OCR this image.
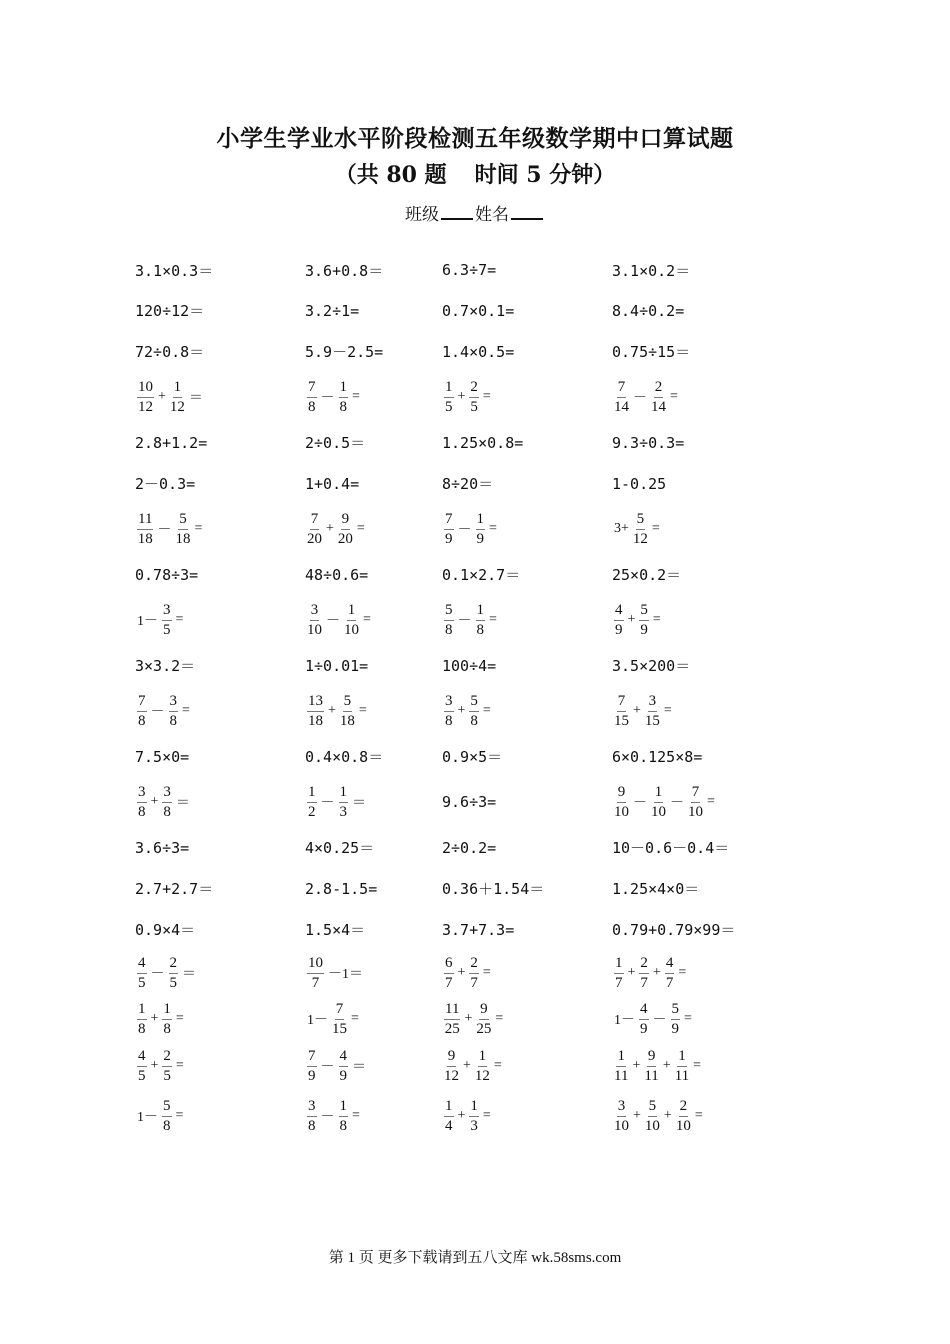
小学生学业水平阶段检测五年级数学期中口算试题
（共 80 题 时间 5 分钟）
班级 姓名
3.1×0.3＝	3.6+0.8＝	6.3÷7=	3.1×0.2＝
120÷12＝	3.2÷1=	0.7×0.1=	8.4÷0.2=
72÷0.8＝	5.9－2.5=	1.4×0.5=	0.75÷15＝
$\frac{10}{12} + \frac{1}{12}$ ＝	$\frac{7}{8} - \frac{1}{8}$ =	$\frac{1}{5} + \frac{2}{5}$ =	$\frac{7}{14} - \frac{2}{14}$ =
2.8+1.2=	2÷0.5＝	1.25×0.8=	9.3÷0.3=
2－0.3=	1+0.4=	8÷20＝	1-0.25
$\frac{11}{18} - \frac{5}{18}$ =	$\frac{7}{20} + \frac{9}{20}$ =	$\frac{7}{9} - \frac{1}{9}$ =	$3+ \frac{5}{12}$ =
0.78÷3=	48÷0.6=	0.1×2.7＝	25×0.2＝
$1- \frac{3}{5}$ =	$\frac{3}{10} - \frac{1}{10}$ =	$\frac{5}{8} - \frac{1}{8}$ =	$\frac{4}{9} + \frac{5}{9}$ =
3×3.2＝	1÷0.01=	100÷4=	3.5×200＝
$\frac{7}{8} - \frac{3}{8}$ =	$\frac{13}{18} + \frac{5}{18}$ =	$\frac{3}{8} + \frac{5}{8}$ =	$\frac{7}{15} + \frac{3}{15}$ =
7.5×0=	0.4×0.8＝	0.9×5＝	6×0.125×8=
$\frac{3}{8} + \frac{3}{8}$ ＝	$\frac{1}{2} - \frac{1}{3}$ ＝	9.6÷3=	$\frac{9}{10} - \frac{1}{10} - \frac{7}{10}$ =
3.6÷3=	4×0.25＝	2÷0.2=	10－0.6－0.4＝
2.7+2.7＝	2.8-1.5=	0.36＋1.54＝	1.25×4×0＝
0.9×4＝	1.5×4＝	3.7+7.3=	0.79+0.79×99＝
$\frac{4}{5} - \frac{2}{5}$ ＝	$\frac{10}{7} -1=$	$\frac{6}{7} + \frac{2}{7}$ =	$\frac{1}{7} + \frac{2}{7} + \frac{4}{7}$ =
$\frac{1}{8} + \frac{1}{8}$ =	$1- \frac{7}{15}$ =	$\frac{11}{25} + \frac{9}{25}$ =	$1- \frac{4}{9} - \frac{5}{9}$ =
$\frac{4}{5} + \frac{2}{5}$ =	$\frac{7}{9} - \frac{4}{9}$ ＝	$\frac{9}{12} + \frac{1}{12}$ =	$\frac{1}{11} + \frac{9}{11} + \frac{1}{11}$ =
$1- \frac{5}{8}$ =	$\frac{3}{8} - \frac{1}{8}$ =	$\frac{1}{4} + \frac{1}{3}$ =	$\frac{3}{10} + \frac{5}{10} + \frac{2}{10}$ =
第 1 页 更多下载请到五八文库 wk.58sms.com
